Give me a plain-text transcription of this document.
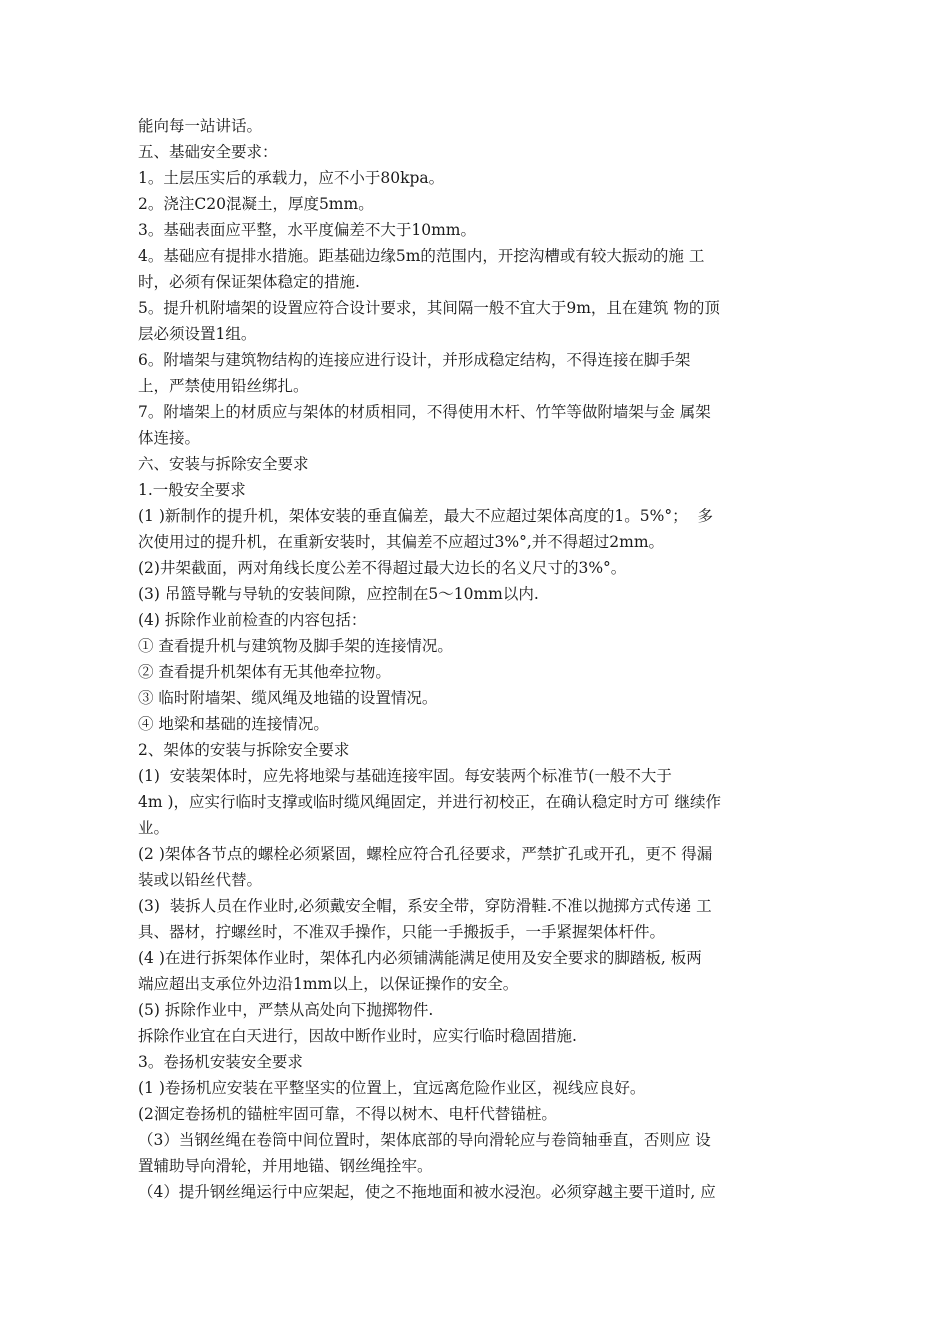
能向每一站讲话。
五、基础安全要求：
1。土层压实后的承载力，应不小于80kpa。
2。浇注C20混凝土，厚度5mm。
3。基础表面应平整，水平度偏差不大于10mm。
4。基础应有提排水措施。距基础边缘5m的范围内，开挖沟槽或有较大振动的施 工
时，必须有保证架体稳定的措施.
5。提升机附墙架的设置应符合设计要求，其间隔一般不宜大于9m，且在建筑 物的顶
层必须设置1组。
6。附墙架与建筑物结构的连接应进行设计，并形成稳定结构，不得连接在脚手架
上，严禁使用铅丝绑扎。
7。附墙架上的材质应与架体的材质相同，不得使用木杆、竹竿等做附墙架与金 属架
体连接。
六、安装与拆除安全要求
1.一般安全要求
(1 )新制作的提升机，架体安装的垂直偏差，最大不应超过架体高度的1。5%°；  多
次使用过的提升机，在重新安装时，其偏差不应超过3%°,并不得超过2mm。
(2)井架截面，两对角线长度公差不得超过最大边长的名义尺寸的3%°。
(3) 吊篮导靴与导轨的安装间隙，应控制在5〜10mm以内.
(4) 拆除作业前检查的内容包括：
① 查看提升机与建筑物及脚手架的连接情况。
② 查看提升机架体有无其他牵拉物。
③ 临时附墙架、缆风绳及地锚的设置情况。
④ 地梁和基础的连接情况。
2、架体的安装与拆除安全要求
(1)  安装架体时，应先将地梁与基础连接牢固。每安装两个标准节(一般不大于
4m )，应实行临时支撑或临时缆风绳固定，并进行初校正，在确认稳定时方可 继续作
业。
(2 )架体各节点的螺栓必须紧固，螺栓应符合孔径要求，严禁扩孔或开孔，更不 得漏
装或以铅丝代替。
(3)  装拆人员在作业时,必须戴安全帽，系安全带，穿防滑鞋.不准以抛掷方式传递 工
具、器材，拧螺丝时，不准双手操作，只能一手搬扳手，一手紧握架体杆件。
(4 )在进行拆架体作业时，架体孔内必须铺满能满足使用及安全要求的脚踏板, 板两
端应超出支承位外边沿1mm以上，以保证操作的安全。
(5) 拆除作业中，严禁从高处向下抛掷物件.
拆除作业宜在白天进行，因故中断作业时，应实行临时稳固措施.
3。卷扬机安装安全要求
(1 )卷扬机应安装在平整坚实的位置上，宜远离危险作业区，视线应良好。
(2涸定卷扬机的锚桩牢固可靠，不得以树木、电杆代替锚桩。
（3）当钢丝绳在卷筒中间位置时，架体底部的导向滑轮应与卷筒轴垂直，否则应 设
置辅助导向滑轮，并用地锚、钢丝绳拴牢。
（4）提升钢丝绳运行中应架起，使之不拖地面和被水浸泡。必须穿越主要干道时, 应
